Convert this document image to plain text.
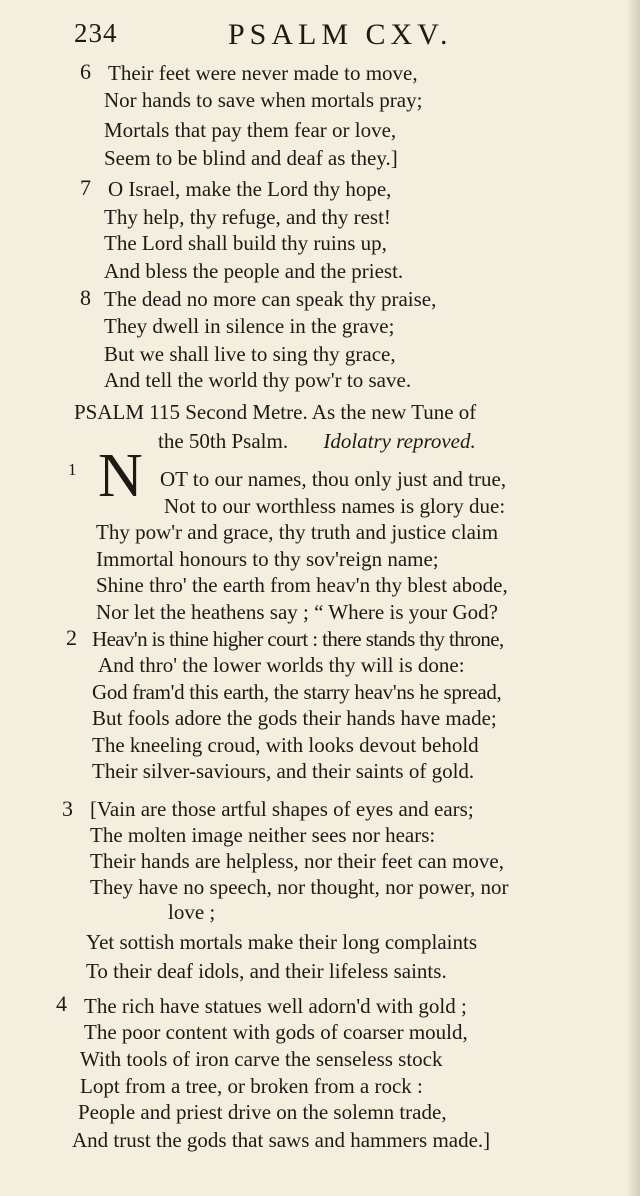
234	PSALM CXV.
6 Their feet were never made to move,
Nor hands to save when mortals pray;
Mortals that pay them fear or love,
Seem to be blind and deaf as they.]
7 O Israel, make the Lord thy hope,
Thy help, thy refuge, and thy rest!
The Lord shall build thy ruins up,
And bless the people and the priest.
8 The dead no more can speak thy praise,
They dwell in silence in the grave;
But we shall live to sing thy grace,
And tell the world thy pow'r to save.
PSALM 115 Second Metre. As the new Tune of
the 50th Psalm. Idolatry reproved.
1 N OT to our names, thou only just and true,
Not to our worthless names is glory due:
Thy pow'r and grace, thy truth and justice claim
Immortal honours to thy sov'reign name;
Shine thro' the earth from heav'n thy blest abode,
Nor let the heathens say ; “ Where is your God?
2 Heav'n is thine higher court : there stands thy throne,
And thro' the lower worlds thy will is done:
God fram'd this earth, the starry heav'ns he spread,
But fools adore the gods their hands have made;
The kneeling croud, with looks devout behold
Their silver-saviours, and their saints of gold.
3 [Vain are those artful shapes of eyes and ears;
The molten image neither sees nor hears:
Their hands are helpless, nor their feet can move,
They have no speech, nor thought, nor power, nor
love ;
Yet sottish mortals make their long complaints
To their deaf idols, and their lifeless saints.
4 The rich have statues well adorn'd with gold ;
The poor content with gods of coarser mould,
With tools of iron carve the senseless stock
Lopt from a tree, or broken from a rock :
People and priest drive on the solemn trade,
And trust the gods that saws and hammers made.]
